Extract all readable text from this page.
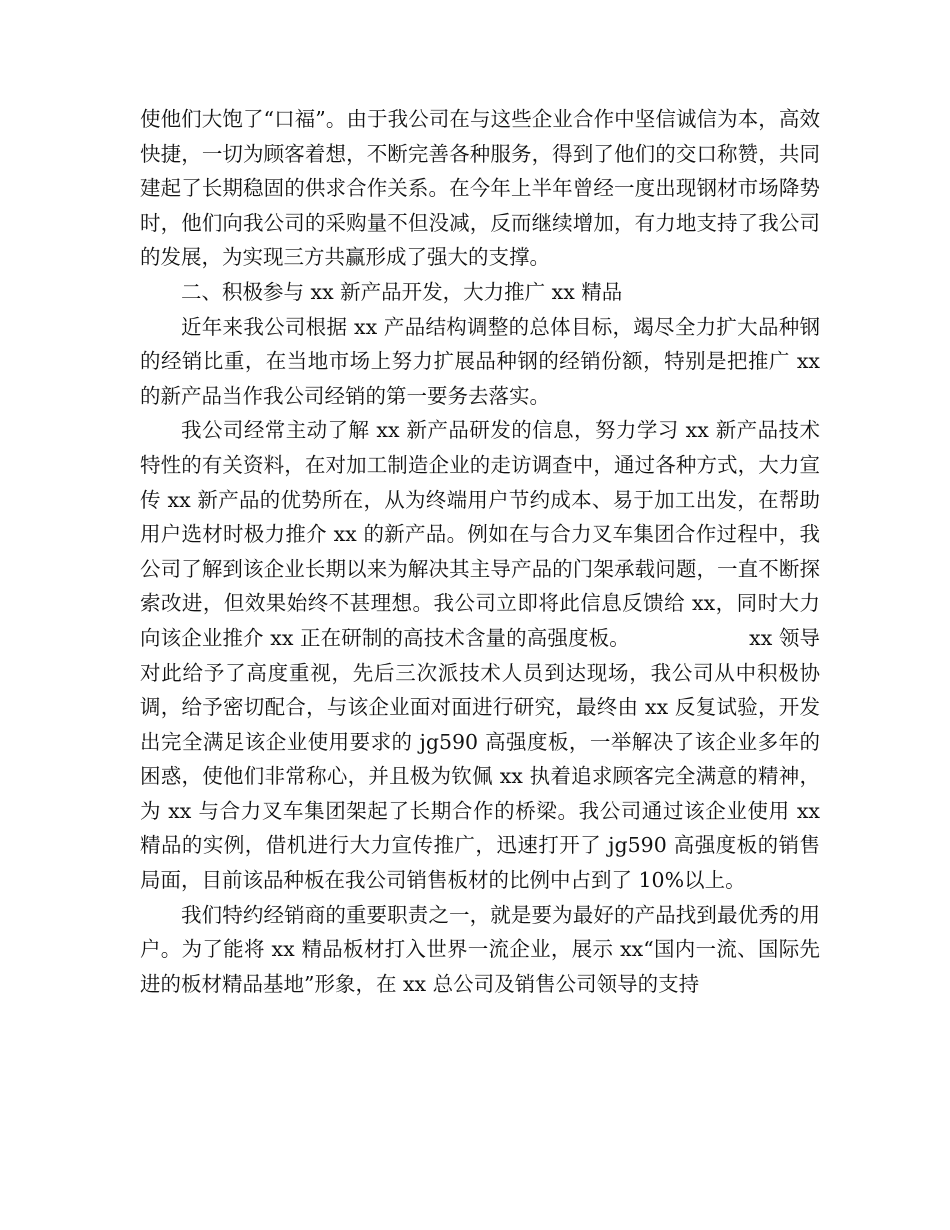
使他们大饱了“口福”。由于我公司在与这些企业合作中坚信诚信为本，高效快捷，一切为顾客着想，不断完善各种服务，得到了他们的交口称赞，共同建起了长期稳固的供求合作关系。在今年上半年曾经一度出现钢材市场降势时，他们向我公司的采购量不但没减，反而继续增加，有力地支持了我公司的发展，为实现三方共赢形成了强大的支撑。

二、积极参与 xx 新产品开发，大力推广 xx 精品

近年来我公司根据 xx 产品结构调整的总体目标，竭尽全力扩大品种钢的经销比重，在当地市场上努力扩展品种钢的经销份额，特别是把推广 xx 的新产品当作我公司经销的第一要务去落实。

我公司经常主动了解 xx 新产品研发的信息，努力学习 xx 新产品技术特性的有关资料，在对加工制造企业的走访调查中，通过各种方式，大力宣传 xx 新产品的优势所在，从为终端用户节约成本、易于加工出发，在帮助用户选材时极力推介 xx 的新产品。例如在与合力叉车集团合作过程中，我公司了解到该企业长期以来为解决其主导产品的门架承载问题，一直不断探索改进，但效果始终不甚理想。我公司立即将此信息反馈给 xx，同时大力向该企业推介 xx 正在研制的高技术含量的高强度板。                  xx 领导对此给予了高度重视，先后三次派技术人员到达现场，我公司从中积极协调，给予密切配合，与该企业面对面进行研究，最终由 xx 反复试验，开发出完全满足该企业使用要求的 jg590 高强度板，一举解决了该企业多年的困惑，使他们非常称心，并且极为钦佩 xx 执着追求顾客完全满意的精神，为 xx 与合力叉车集团架起了长期合作的桥梁。我公司通过该企业使用 xx 精品的实例，借机进行大力宣传推广，迅速打开了 jg590 高强度板的销售局面，目前该品种板在我公司销售板材的比例中占到了 10%以上。

我们特约经销商的重要职责之一，就是要为最好的产品找到最优秀的用户。为了能将 xx 精品板材打入世界一流企业，展示 xx“国内一流、国际先进的板材精品基地”形象，在 xx 总公司及销售公司领导的支持
